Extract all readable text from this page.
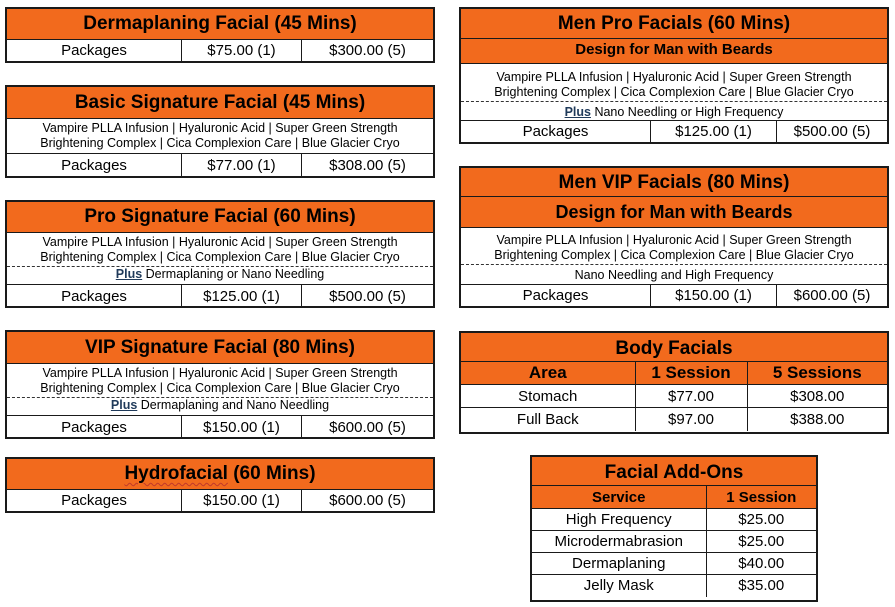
Dermaplaning Facial (45 Mins)
Packages	$75.00 (1)	$300.00 (5)
Basic Signature Facial (45 Mins)
Vampire PLLA Infusion | Hyaluronic Acid | Super Green Strength
Brightening Complex | Cica Complexion Care | Blue Glacier Cryo
Packages	$77.00 (1)	$308.00 (5)
Pro Signature Facial (60 Mins)
Vampire PLLA Infusion | Hyaluronic Acid | Super Green Strength
Brightening Complex | Cica Complexion Care | Blue Glacier Cryo
Plus Dermaplaning or Nano Needling
Packages	$125.00 (1)	$500.00 (5)
VIP Signature Facial (80 Mins)
Vampire PLLA Infusion | Hyaluronic Acid | Super Green Strength
Brightening Complex | Cica Complexion Care | Blue Glacier Cryo
Plus Dermaplaning and Nano Needling
Packages	$150.00 (1)	$600.00 (5)
Hydrofacial (60 Mins)
Packages	$150.00 (1)	$600.00 (5)
Men Pro Facials (60 Mins)
Design for Man with Beards
Vampire PLLA Infusion | Hyaluronic Acid | Super Green Strength
Brightening Complex | Cica Complexion Care | Blue Glacier Cryo
Plus Nano Needling or High Frequency
Packages	$125.00 (1)	$500.00 (5)
Men VIP Facials (80 Mins)
Design for Man with Beards
Vampire PLLA Infusion | Hyaluronic Acid | Super Green Strength
Brightening Complex | Cica Complexion Care | Blue Glacier Cryo
Nano Needling and High Frequency
Packages	$150.00 (1)	$600.00 (5)
Body Facials
Area	1 Session	5 Sessions
Stomach	$77.00	$308.00
Full Back	$97.00	$388.00
Facial Add-Ons
Service	1 Session
High Frequency	$25.00
Microdermabrasion	$25.00
Dermaplaning	$40.00
Jelly Mask	$35.00
